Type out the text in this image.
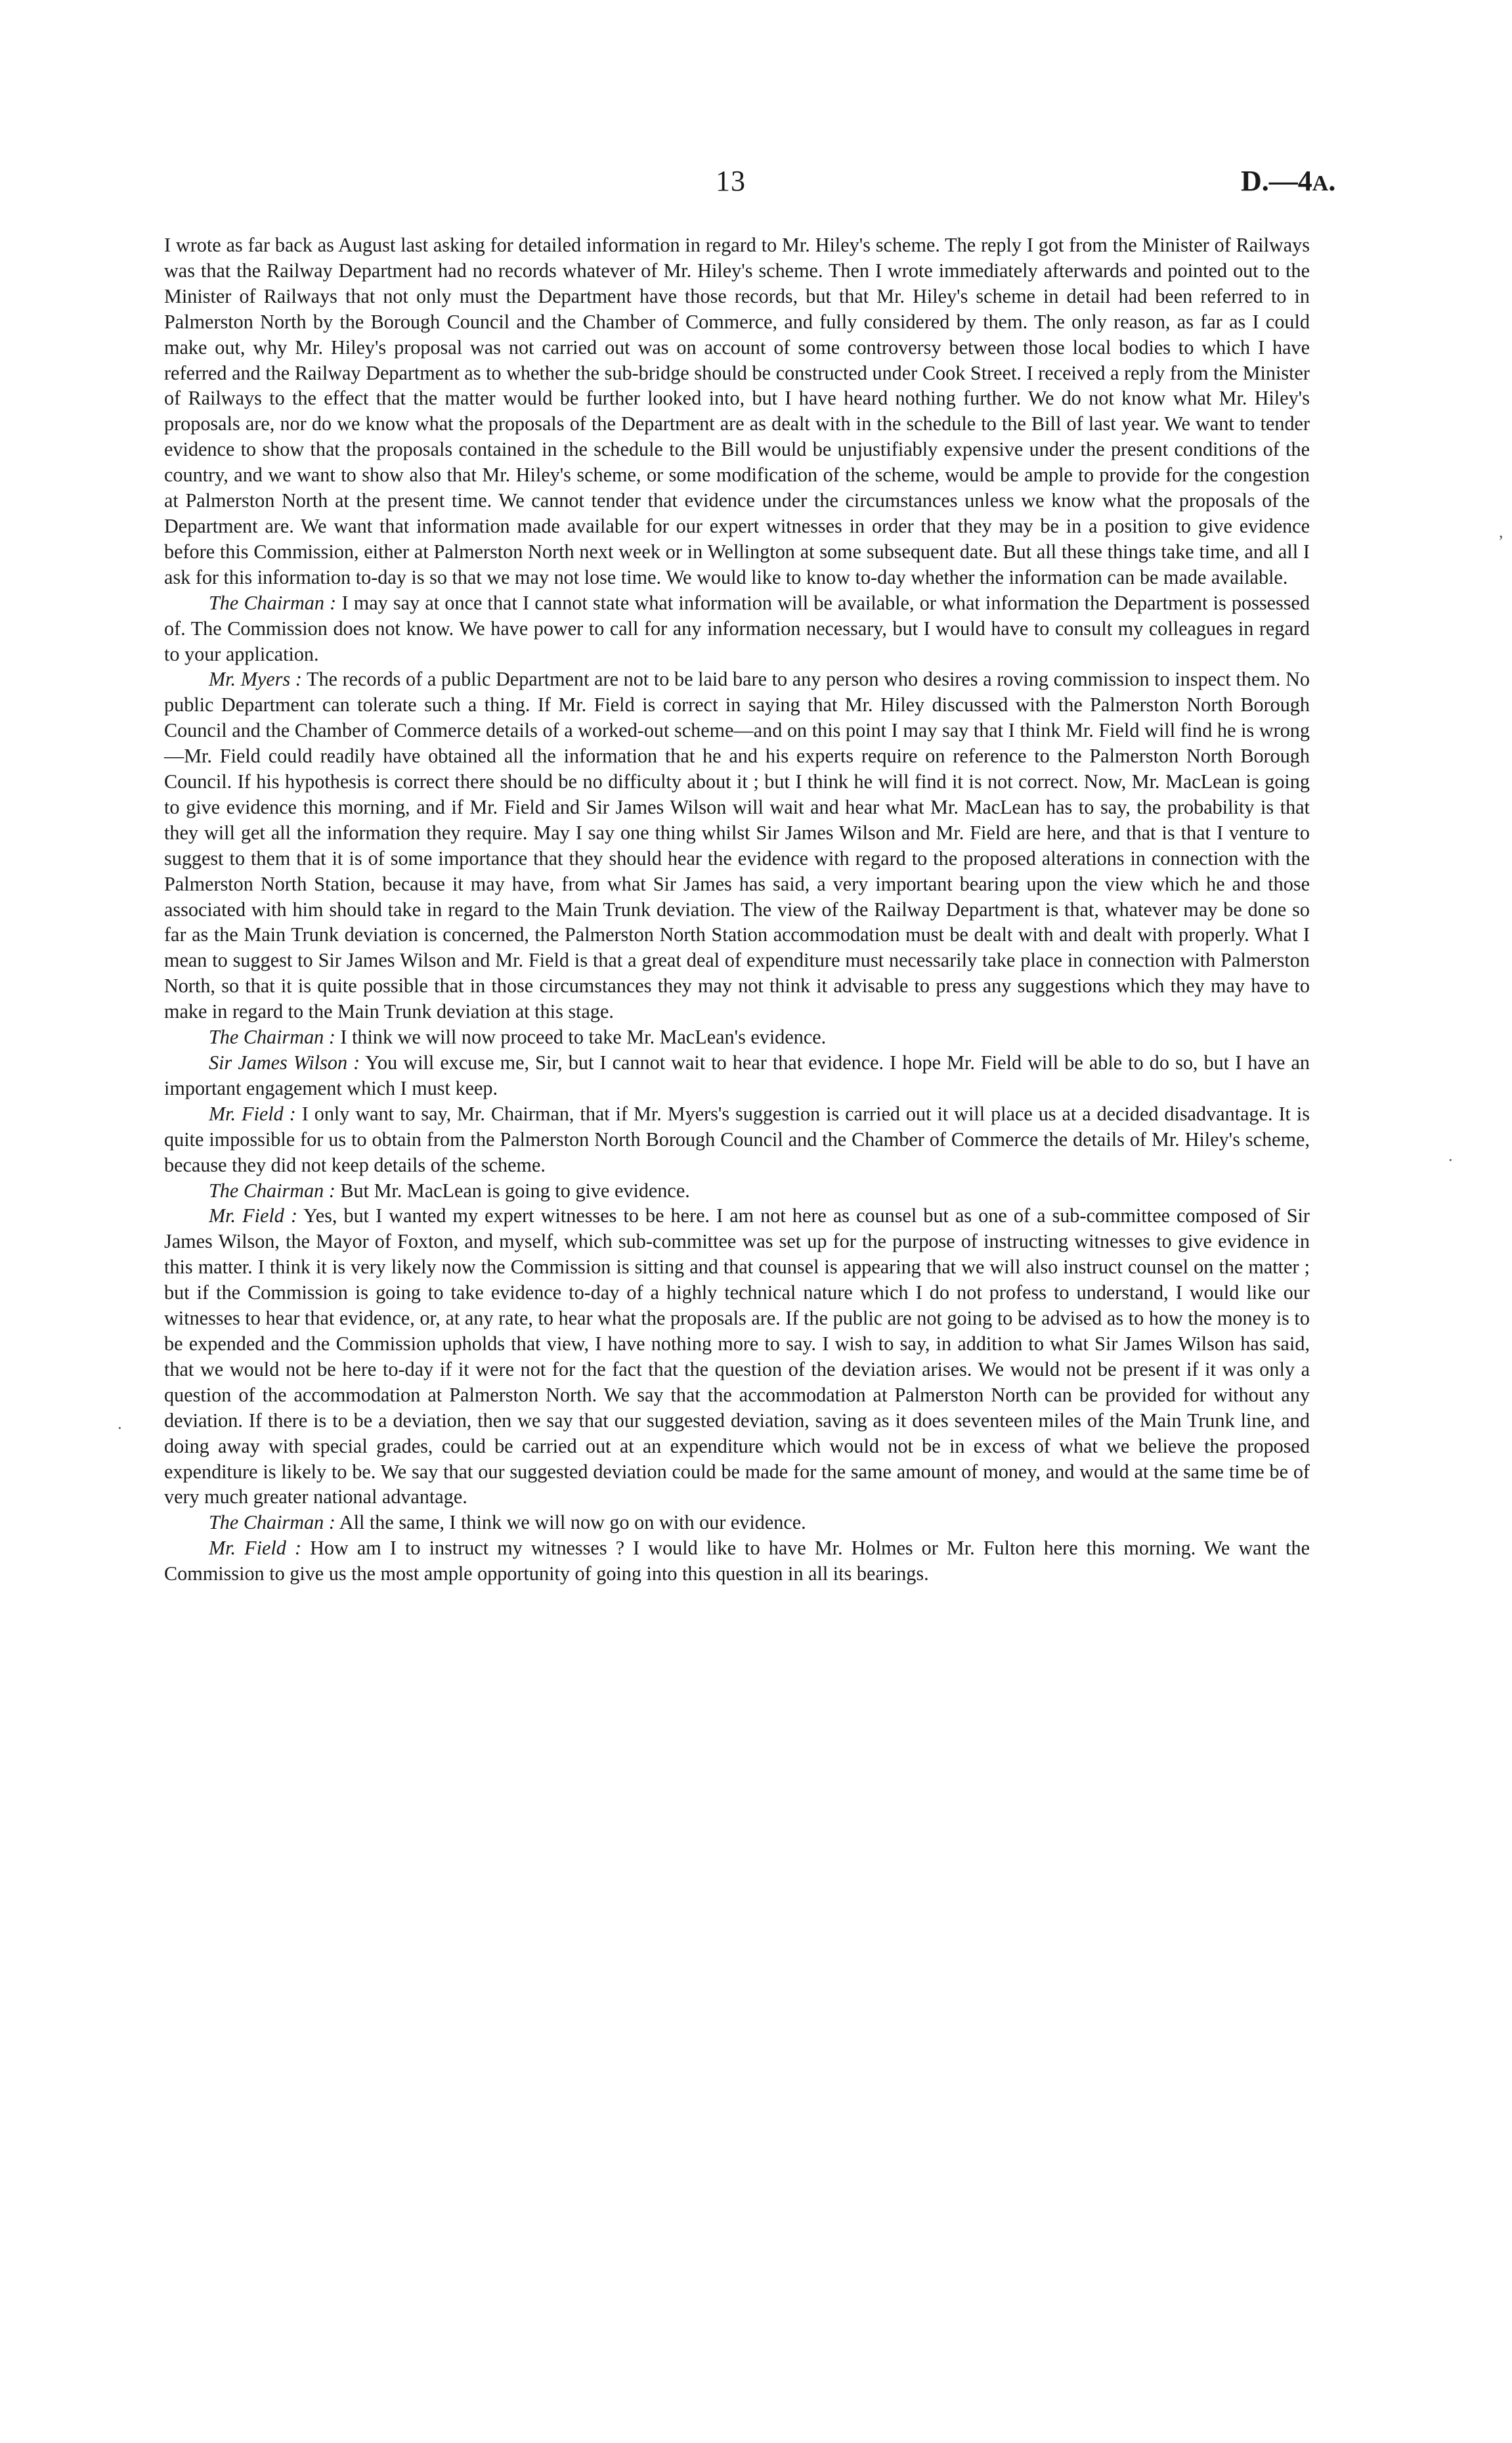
13	D.—4A.
,
·
·

I wrote as far back as August last asking for detailed information in regard to Mr. Hiley's scheme. The reply I got from the Minister of Railways was that the Railway Department had no records whatever of Mr. Hiley's scheme. Then I wrote immediately afterwards and pointed out to the Minister of Railways that not only must the Department have those records, but that Mr. Hiley's scheme in detail had been referred to in Palmerston North by the Borough Council and the Chamber of Commerce, and fully considered by them. The only reason, as far as I could make out, why Mr. Hiley's proposal was not carried out was on account of some controversy between those local bodies to which I have referred and the Railway Department as to whether the sub-bridge should be constructed under Cook Street. I received a reply from the Minister of Railways to the effect that the matter would be further looked into, but I have heard nothing further. We do not know what Mr. Hiley's proposals are, nor do we know what the proposals of the Department are as dealt with in the schedule to the Bill of last year. We want to tender evidence to show that the proposals contained in the schedule to the Bill would be unjustifiably expensive under the present conditions of the country, and we want to show also that Mr. Hiley's scheme, or some modification of the scheme, would be ample to provide for the congestion at Palmerston North at the present time. We cannot tender that evidence under the circumstances unless we know what the proposals of the Department are. We want that information made available for our expert witnesses in order that they may be in a position to give evidence before this Commission, either at Palmerston North next week or in Wellington at some subsequent date. But all these things take time, and all I ask for this information to-day is so that we may not lose time. We would like to know to-day whether the information can be made available.

The Chairman : I may say at once that I cannot state what information will be available, or what information the Department is possessed of. The Commission does not know. We have power to call for any information necessary, but I would have to consult my colleagues in regard to your application.

Mr. Myers : The records of a public Department are not to be laid bare to any person who desires a roving commission to inspect them. No public Department can tolerate such a thing. If Mr. Field is correct in saying that Mr. Hiley discussed with the Palmerston North Borough Council and the Chamber of Commerce details of a worked-out scheme—and on this point I may say that I think Mr. Field will find he is wrong—Mr. Field could readily have obtained all the information that he and his experts require on reference to the Palmerston North Borough Council. If his hypothesis is correct there should be no difficulty about it ; but I think he will find it is not correct. Now, Mr. MacLean is going to give evidence this morning, and if Mr. Field and Sir James Wilson will wait and hear what Mr. MacLean has to say, the probability is that they will get all the information they require. May I say one thing whilst Sir James Wilson and Mr. Field are here, and that is that I venture to suggest to them that it is of some importance that they should hear the evidence with regard to the proposed alterations in connection with the Palmerston North Station, because it may have, from what Sir James has said, a very important bearing upon the view which he and those associated with him should take in regard to the Main Trunk deviation. The view of the Railway Department is that, whatever may be done so far as the Main Trunk deviation is concerned, the Palmerston North Station accommodation must be dealt with and dealt with properly. What I mean to suggest to Sir James Wilson and Mr. Field is that a great deal of expenditure must necessarily take place in connection with Palmerston North, so that it is quite possible that in those circumstances they may not think it advisable to press any suggestions which they may have to make in regard to the Main Trunk deviation at this stage.

The Chairman : I think we will now proceed to take Mr. MacLean's evidence.

Sir James Wilson : You will excuse me, Sir, but I cannot wait to hear that evidence. I hope Mr. Field will be able to do so, but I have an important engagement which I must keep.

Mr. Field : I only want to say, Mr. Chairman, that if Mr. Myers's suggestion is carried out it will place us at a decided disadvantage. It is quite impossible for us to obtain from the Palmerston North Borough Council and the Chamber of Commerce the details of Mr. Hiley's scheme, because they did not keep details of the scheme.

The Chairman : But Mr. MacLean is going to give evidence.

Mr. Field : Yes, but I wanted my expert witnesses to be here. I am not here as counsel but as one of a sub-committee composed of Sir James Wilson, the Mayor of Foxton, and myself, which sub-committee was set up for the purpose of instructing witnesses to give evidence in this matter. I think it is very likely now the Commission is sitting and that counsel is appearing that we will also instruct counsel on the matter ; but if the Commission is going to take evidence to-day of a highly technical nature which I do not profess to understand, I would like our witnesses to hear that evidence, or, at any rate, to hear what the proposals are. If the public are not going to be advised as to how the money is to be expended and the Commission upholds that view, I have nothing more to say. I wish to say, in addition to what Sir James Wilson has said, that we would not be here to-day if it were not for the fact that the question of the deviation arises. We would not be present if it was only a question of the accommodation at Palmerston North. We say that the accommodation at Palmerston North can be provided for without any deviation. If there is to be a deviation, then we say that our suggested deviation, saving as it does seventeen miles of the Main Trunk line, and doing away with special grades, could be carried out at an expenditure which would not be in excess of what we believe the proposed expenditure is likely to be. We say that our suggested deviation could be made for the same amount of money, and would at the same time be of very much greater national advantage.

The Chairman : All the same, I think we will now go on with our evidence.

Mr. Field : How am I to instruct my witnesses ? I would like to have Mr. Holmes or Mr. Fulton here this morning. We want the Commission to give us the most ample opportunity of going into this question in all its bearings.
